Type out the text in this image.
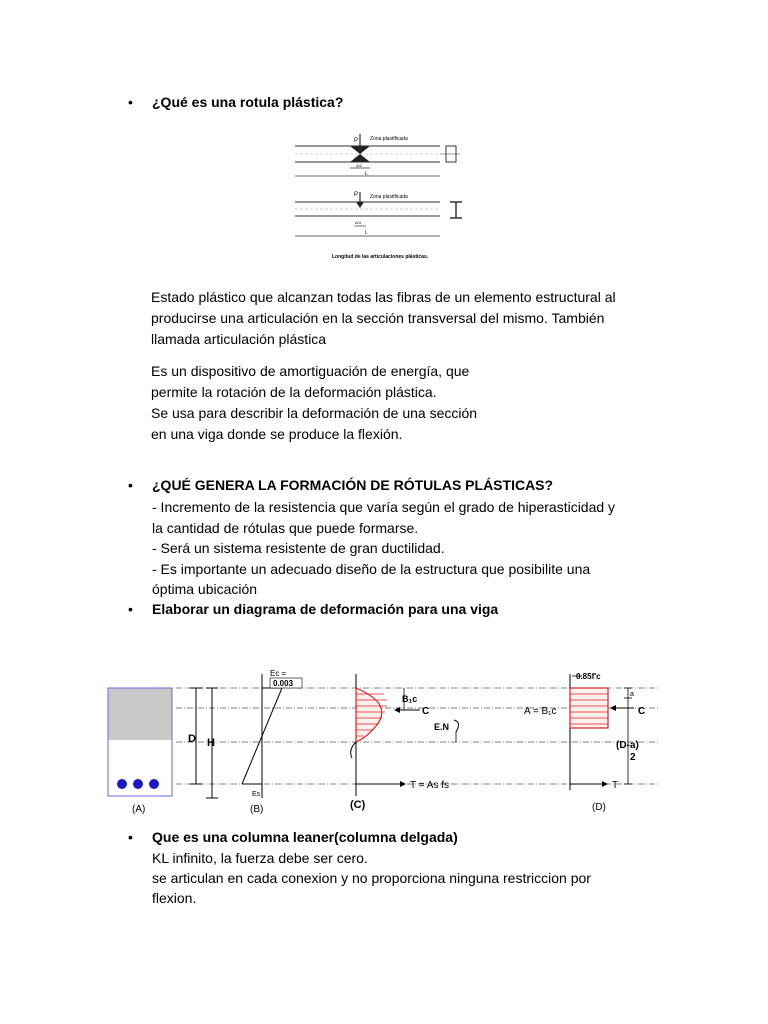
• ¿Qué es una rotula plástica?
P Zona plastificada
Δ/2
L
P Zona plastificada
Δ/4
L
Longitud de las articulaciones plásticas.
Estado plástico que alcanzan todas las fibras de un elemento estructural al
producirse una articulación en la sección transversal del mismo. También
llamada articulación plástica
Es un dispositivo de amortiguación de energía, que
permite la rotación de la deformación plástica.
Se usa para describir la deformación de una sección
en una viga donde se produce la flexión.
• ¿QUÉ GENERA LA FORMACIÓN DE RÓTULAS PLÁSTICAS?
- Incremento de la resistencia que varía según el grado de hiperasticidad y
la cantidad de rótulas que puede formarse.
- Será un sistema resistente de gran ductilidad.
- Es importante un adecuado diseño de la estructura que posibilite una
óptima ubicación
• Elaborar un diagrama de deformación para una viga
(A)
D H
Ec =
0.003
Es
(B)
B₁c
C
E.N
T = As fs
(C)
0.85f'c
A = B₁c
a
C
(D-a)
2
T
(D)
• Que es una columna leaner(columna delgada)
KL infinito, la fuerza debe ser cero.
se articulan en cada conexion y no proporciona ninguna restriccion por
flexion.
